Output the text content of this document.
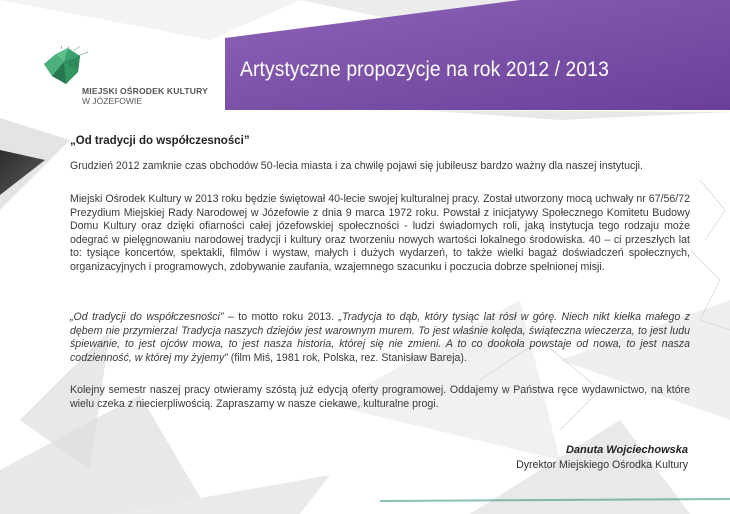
MIEJSKI OŚRODEK KULTURY
W JÓZEFOWIE
Artystyczne propozycje na rok 2012 / 2013
„Od tradycji do współczesności”
Grudzień 2012 zamknie czas obchodów 50-lecia miasta i za chwilę pojawi się jubileusz bardzo ważny dla naszej instytucji.
Miejski Ośrodek Kultury w 2013 roku będzie świętował 40-lecie swojej kulturalnej pracy. Został utworzony mocą uchwały nr 67/56/72 Prezydium Miejskiej Rady Narodowej w Józefowie z dnia 9 marca 1972 roku. Powstał z inicjatywy Społecznego Komitetu Budowy Domu Kultury oraz dzięki ofiarności całej józefowskiej społeczności - ludzi świadomych roli, jaką instytucja tego rodzaju może odegrać w pielęgnowaniu narodowej tradycji i kultury oraz tworzeniu nowych wartości lokalnego środowiska. 40 – ci przeszłych lat to: tysiące koncertów, spektakli, filmów i wystaw, małych i dużych wydarzeń, to także wielki bagaż doświadczeń społecznych, organizacyjnych i programowych, zdobywanie zaufania, wzajemnego szacunku i poczucia dobrze spełnionej misji.
„Od tradycji do współczesności” – to motto roku 2013. „Tradycja to dąb, który tysiąc lat rósł w górę. Niech nikt kiełka małego z dębem nie przymierza! Tradycja naszych dziejów jest warownym murem. To jest właśnie kolęda, świąteczna wieczerza, to jest ludu śpiewanie, to jest ojców mowa, to jest nasza historia, której się nie zmieni. A to co dookoła powstaje od nowa, to jest nasza codzienność, w której my żyjemy” (film Miś, 1981 rok, Polska, rez. Stanisław Bareja).
Kolejny semestr naszej pracy otwieramy szóstą już edycją oferty programowej. Oddajemy w Państwa ręce wydawnictwo, na które wielu czeka z niecierpliwością. Zapraszamy w nasze ciekawe, kulturalne progi.
Danuta Wojciechowska
Dyrektor Miejskiego Ośrodka Kultury
